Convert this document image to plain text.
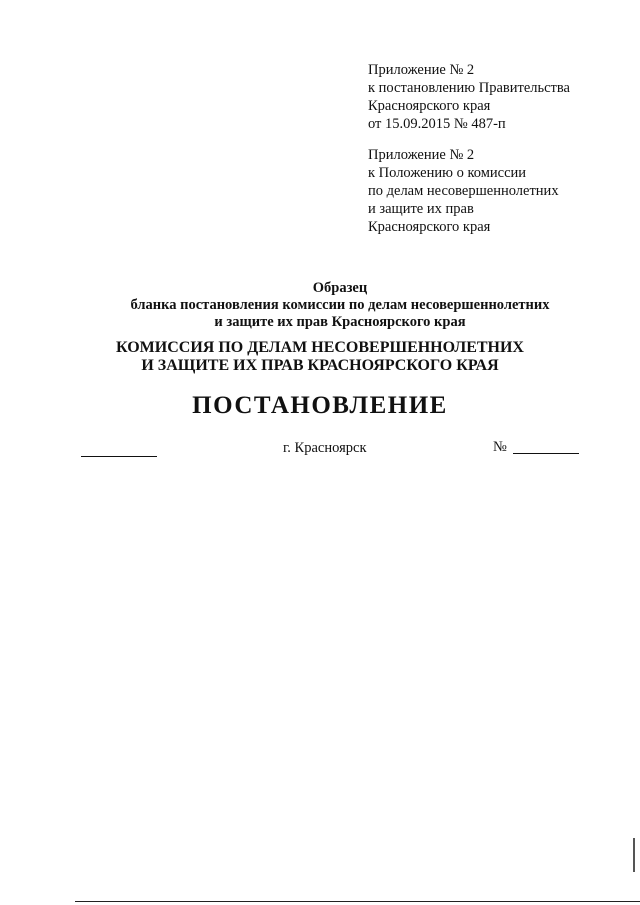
Приложение № 2
к постановлению Правительства
Красноярского края
от 15.09.2015 № 487-п
Приложение № 2
к Положению о комиссии
по делам несовершеннолетних
и защите их прав
Красноярского края
Образец
бланка постановления комиссии по делам несовершеннолетних
и защите их прав Красноярского края
КОМИССИЯ ПО ДЕЛАМ НЕСОВЕРШЕННОЛЕТНИХ
И ЗАЩИТЕ ИХ ПРАВ КРАСНОЯРСКОГО КРАЯ
ПОСТАНОВЛЕНИЕ
г. Красноярск	№
